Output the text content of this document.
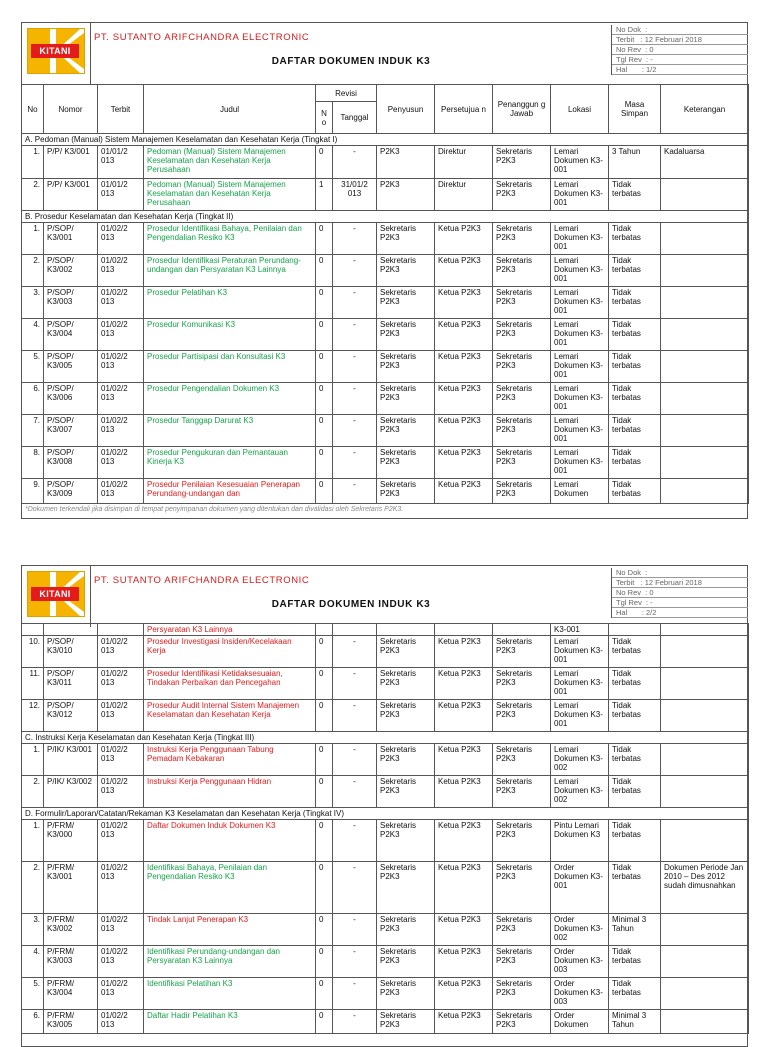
KITANI
PT. SUTANTO ARIFCHANDRA ELECTRONIC
DAFTAR DOKUMEN INDUK K3
No Dok  :
Terbit   : 12 Februari 2018
No Rev  : 0
Tgl Rev  : -
Hal       : 1/2
No	Nomor	Terbit	Judul	Revisi		Penyusun	Persetujua n	Penanggun g Jawab	Lokasi	Masa Simpan	Keterangan
				N o	Tanggal						
A. Pedoman (Manual) Sistem Manajemen Keselamatan dan Kesehatan Kerja (Tingkat I)											
1.	P/P/ K3/001	01/01/2 013	Pedoman (Manual) Sistem Manajemen Keselamatan dan Kesehatan Kerja Perusahaan	0	-	P2K3	Direktur	Sekretaris P2K3	Lemari Dokumen K3-001	3 Tahun	Kadaluarsa
2.	P/P/ K3/001	01/01/2 013	Pedoman (Manual) Sistem Manajemen Keselamatan dan Kesehatan Kerja Perusahaan	1	31/01/2 013	P2K3	Direktur	Sekretaris P2K3	Lemari Dokumen K3-001	Tidak terbatas	
B. Prosedur Keselamatan dan Kesehatan Kerja (Tingkat II)											
1.	P/SOP/ K3/001	01/02/2 013	Prosedur Identifikasi Bahaya, Penilaian dan Pengendalian Resiko K3	0	-	Sekretaris P2K3	Ketua P2K3	Sekretaris P2K3	Lemari Dokumen K3-001	Tidak terbatas	
2.	P/SOP/ K3/002	01/02/2 013	Prosedur Identifikasi Peraturan Perundang-undangan dan Persyaratan K3 Lainnya	0	-	Sekretaris P2K3	Ketua P2K3	Sekretaris P2K3	Lemari Dokumen K3-001	Tidak terbatas	
3.	P/SOP/ K3/003	01/02/2 013	Prosedur Pelatihan K3	0	-	Sekretaris P2K3	Ketua P2K3	Sekretaris P2K3	Lemari Dokumen K3-001	Tidak terbatas	
4.	P/SOP/ K3/004	01/02/2 013	Prosedur Komunikasi K3	0	-	Sekretaris P2K3	Ketua P2K3	Sekretaris P2K3	Lemari Dokumen K3-001	Tidak terbatas	
5.	P/SOP/ K3/005	01/02/2 013	Prosedur Partisipasi dan Konsultasi K3	0	-	Sekretaris P2K3	Ketua P2K3	Sekretaris P2K3	Lemari Dokumen K3-001	Tidak terbatas	
6.	P/SOP/ K3/006	01/02/2 013	Prosedur Pengendalian Dokumen K3	0	-	Sekretaris P2K3	Ketua P2K3	Sekretaris P2K3	Lemari Dokumen K3-001	Tidak terbatas	
7.	P/SOP/ K3/007	01/02/2 013	Prosedur Tanggap Darurat K3	0	-	Sekretaris P2K3	Ketua P2K3	Sekretaris P2K3	Lemari Dokumen K3-001	Tidak terbatas	
8.	P/SOP/ K3/008	01/02/2 013	Prosedur Pengukuran dan Pemantauan Kinerja K3	0	-	Sekretaris P2K3	Ketua P2K3	Sekretaris P2K3	Lemari Dokumen K3-001	Tidak terbatas	
9.	P/SOP/ K3/009	01/02/2 013	Prosedur Penilaian Kesesuaian Penerapan Perundang-undangan dan	0	-	Sekretaris P2K3	Ketua P2K3	Sekretaris P2K3	Lemari Dokumen	Tidak terbatas	
*Dokumen terkendali jika disimpan di tempat penyimpanan dokumen yang ditentukan dan divalidasi oleh Sekretaris P2K3.
KITANI
PT. SUTANTO ARIFCHANDRA ELECTRONIC
DAFTAR DOKUMEN INDUK K3
No Dok  :
Terbit   : 12 Februari 2018
No Rev  : 0
Tgl Rev  : -
Hal       : 2/2
			Persyaratan K3 Lainnya						K3-001		
10.	P/SOP/ K3/010	01/02/2 013	Prosedur Investigasi Insiden/Kecelakaan Kerja	0	-	Sekretaris P2K3	Ketua P2K3	Sekretaris P2K3	Lemari Dokumen K3-001	Tidak terbatas	
11.	P/SOP/ K3/011	01/02/2 013	Prosedur Identifikasi Ketidaksesuaian, Tindakan Perbaikan dan Pencegahan	0	-	Sekretaris P2K3	Ketua P2K3	Sekretaris P2K3	Lemari Dokumen K3-001	Tidak terbatas	
12.	P/SOP/ K3/012	01/02/2 013	Prosedur Audit Internal Sistem Manajemen Keselamatan dan Kesehatan Kerja	0	-	Sekretaris P2K3	Ketua P2K3	Sekretaris P2K3	Lemari Dokumen K3-001	Tidak terbatas	
C. Instruksi Kerja Keselamatan dan Kesehatan Kerja (Tingkat III)											
1.	P/IK/ K3/001	01/02/2 013	Instruksi Kerja Penggunaan Tabung Pemadam Kebakaran	0	-	Sekretaris P2K3	Ketua P2K3	Sekretaris P2K3	Lemari Dokumen K3-002	Tidak terbatas	
2.	P/IK/ K3/002	01/02/2 013	Instruksi Kerja Penggunaan Hidran	0	-	Sekretaris P2K3	Ketua P2K3	Sekretaris P2K3	Lemari Dokumen K3-002	Tidak terbatas	
D. Formulir/Laporan/Catatan/Rekaman K3 Keselamatan dan Kesehatan Kerja (Tingkat IV)											
1.	P/FRM/ K3/000	01/02/2 013	Daftar Dokumen Induk Dokumen K3	0	-	Sekretaris P2K3	Ketua P2K3	Sekretaris P2K3	Pintu Lemari Dokumen K3	Tidak terbatas	
2.	P/FRM/ K3/001	01/02/2 013	Identifikasi Bahaya, Penilaian dan Pengendalian Resiko K3	0	-	Sekretaris P2K3	Ketua P2K3	Sekretaris P2K3	Order Dokumen K3-001	Tidak terbatas	Dokumen Periode Jan 2010 – Des 2012 sudah dimusnahkan
3.	P/FRM/ K3/002	01/02/2 013	Tindak Lanjut Penerapan K3	0	-	Sekretaris P2K3	Ketua P2K3	Sekretaris P2K3	Order Dokumen K3-002	Minimal 3 Tahun	
4.	P/FRM/ K3/003	01/02/2 013	Identifikasi Perundang-undangan dan Persyaratan K3 Lainnya	0	-	Sekretaris P2K3	Ketua P2K3	Sekretaris P2K3	Order Dokumen K3-003	Tidak terbatas	
5.	P/FRM/ K3/004	01/02/2 013	Identifikasi Pelatihan K3	0	-	Sekretaris P2K3	Ketua P2K3	Sekretaris P2K3	Order Dokumen K3-003	Tidak terbatas	
6.	P/FRM/ K3/005	01/02/2 013	Daftar Hadir Pelatihan K3	0	-	Sekretaris P2K3	Ketua P2K3	Sekretaris P2K3	Order Dokumen	Minimal 3 Tahun	
